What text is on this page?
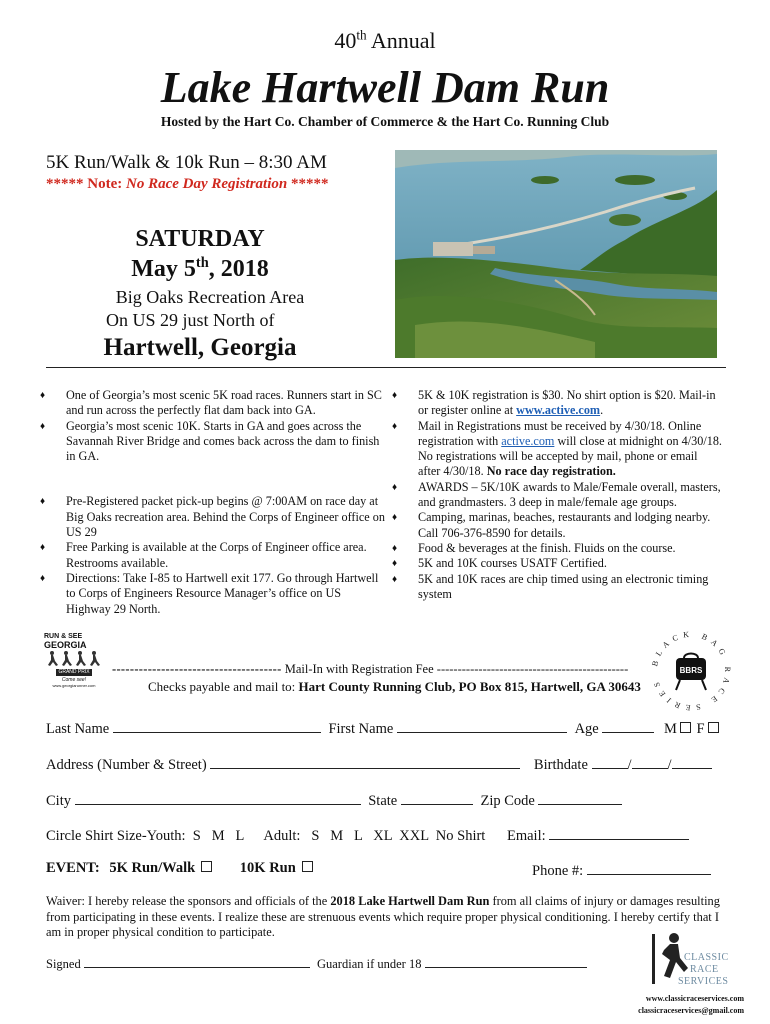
40th Annual
Lake Hartwell Dam Run
Hosted by the Hart Co. Chamber of Commerce & the Hart Co. Running Club
5K Run/Walk & 10k Run – 8:30 AM
***** Note: No Race Day Registration *****
SATURDAY
May 5th, 2018
Big Oaks Recreation Area
On US 29 just North of
Hartwell, Georgia
♦ One of Georgia’s most scenic 5K road races. Runners start in SC and run across the perfectly flat dam back into GA.
♦ Georgia’s most scenic 10K. Starts in GA and goes across the Savannah River Bridge and comes back across the dam to finish in GA.
♦ Pre-Registered packet pick-up begins @ 7:00AM on race day at Big Oaks recreation area. Behind the Corps of Engineer office on US 29
♦ Free Parking is available at the Corps of Engineer office area. Restrooms available.
♦ Directions: Take I-85 to Hartwell exit 177. Go through Hartwell to Corps of Engineers Resource Manager’s office on US Highway 29 North.
♦ 5K & 10K registration is $30. No shirt option is $20. Mail-in or register online at www.active.com.
♦ Mail in Registrations must be received by 4/30/18. Online registration with active.com will close at midnight on 4/30/18. No registrations will be accepted by mail, phone or email after 4/30/18. No race day registration.
♦ AWARDS – 5K/10K awards to Male/Female overall, masters, and grandmasters. 3 deep in male/female age groups.
♦ Camping, marinas, beaches, restaurants and lodging nearby. Call 706-376-8590 for details.
♦ Food & beverages at the finish. Fluids on the course.
♦ 5K and 10K courses USATF Certified.
♦ 5K and 10K races are chip timed using an electronic timing system
RUN & SEE
GEORGIA
GRAND PRIX
Come see!
www.georgiarunner.com
BLACK BAG RACE SERIES
BBRS
-------------------------------------- Mail-In with Registration Fee ----------------------------------------------
Checks payable and mail to: Hart County Running Club, PO Box 815, Hartwell, GA 30643
Last Name	First Name	Age	M F
Address (Number & Street)	Birthdate	/ /
City	State	Zip Code
Circle Shirt Size-Youth:  S   M   L Adult:   S   M   L   XL  XXL  No Shirt Email:
EVENT: 5K Run/Walk	10K Run	Phone #:
Waiver: I hereby release the sponsors and officials of the 2018 Lake Hartwell Dam Run from all claims of injury or damages resulting from participating in these events. I realize these are strenuous events which require proper physical conditioning. I hereby certify that I am in proper physical condition to participate.
Signed	Guardian if under 18	CLASSIC
RACE
SERVICES
www.classicraceservices.com
classicraceservices@gmail.com
